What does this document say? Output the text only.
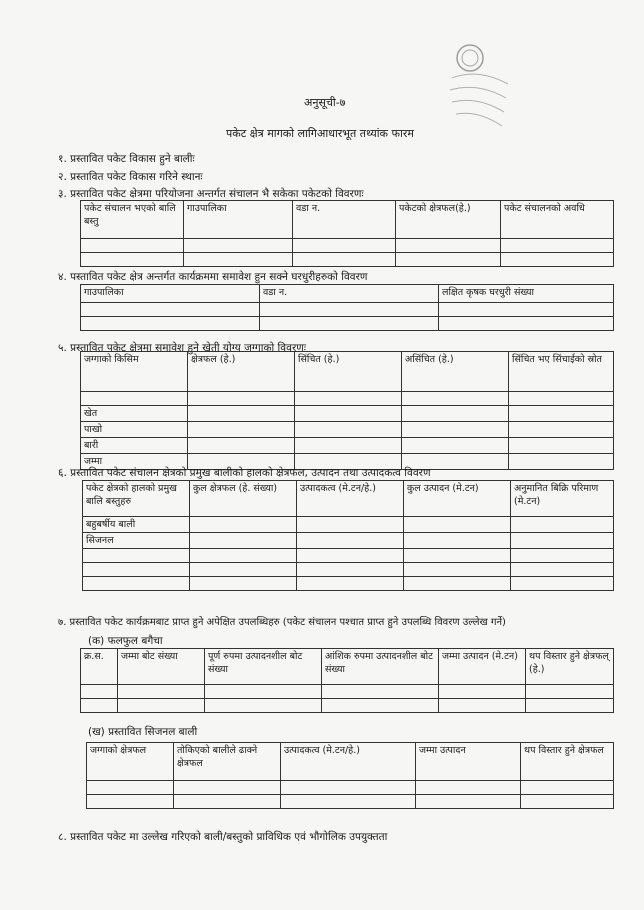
अनुसूची-७
पकेट क्षेत्र मागको लागिआधारभूत तथ्यांक फारम
१. प्रस्तावित पकेट विकास हुने बालीः
२. प्रस्तावित पकेट विकास गरिने स्थानः
३. प्रस्तावित पकेट क्षेत्रमा परियोजना अन्तर्गत संचालन भै सकेका पकेटको विवरणः
पकेट संचालन भएको बालि बस्तु	गाउपालिका	वडा न.	पकेटको क्षेत्रफल(हे.)	पकेट संचालनको अवधि

४. पस्तावित पकेट क्षेत्र अन्तर्गत कार्यक्रममा समावेश हुन सक्ने घरधुरीहरुको विवरण
गाउपालिका	वडा न.	लक्षित कृषक घरधुरी संख्या

५. प्रस्तावित पकेट क्षेत्रमा समावेश हुने खेती योग्य जग्गाको विवरणः
जग्गाको किसिम	क्षेत्रफल (हे.)	सिंचित (हे.)	असिंचित (हे.)	सिंचित भए सिंचाईको स्रोत

खेत				
पाखो				
बारी				
जम्मा				
६. प्रस्तावित पकेट संचालन क्षेत्रको प्रमुख बालीको हालको क्षेत्रफल, उत्पादन तथा उत्पादकत्व विवरण
पकेट क्षेत्रको हालको प्रमुख बालि बस्तुहरु	कुल क्षेत्रफल (हे. संख्या)	उत्पादकत्व (मे.टन/हे.)	कुल उत्पादन (मे.टन)	अनुमानित बिक्रि परिमाण (मे.टन)
बहुबर्षीय बाली				
सिजनल				

७. प्रस्तावित पकेट कार्यक्रमबाट प्राप्त हुने अपेक्षित उपलब्धिहरु (पकेट संचालन पश्चात प्राप्त हुने उपलब्धि विवरण उल्लेख गर्ने)
(क) फलफुल बगैचा
क्र.स.	जम्मा बोट संख्या	पूर्ण रुपमा उत्पादनशील बोट संख्या	आंशिक रुपमा उत्पादनशील बोट संख्या	जम्मा उत्पादन (मे.टन)	थप विस्तार हुने क्षेत्रफल् (हे.)

(ख) प्रस्तावित सिजनल बाली
जग्गाको क्षेत्रफल	तोकिएको बालीले ढाक्ने क्षेत्रफल	उत्पादकत्व (मे.टन/हे.)	जम्मा उत्पादन	थप विस्तार हुने क्षेत्रफल

८. प्रस्तावित पकेट मा उल्लेख गरिएको बाली/बस्तुको प्राविधिक एवं भौगोलिक उपयुक्तता
